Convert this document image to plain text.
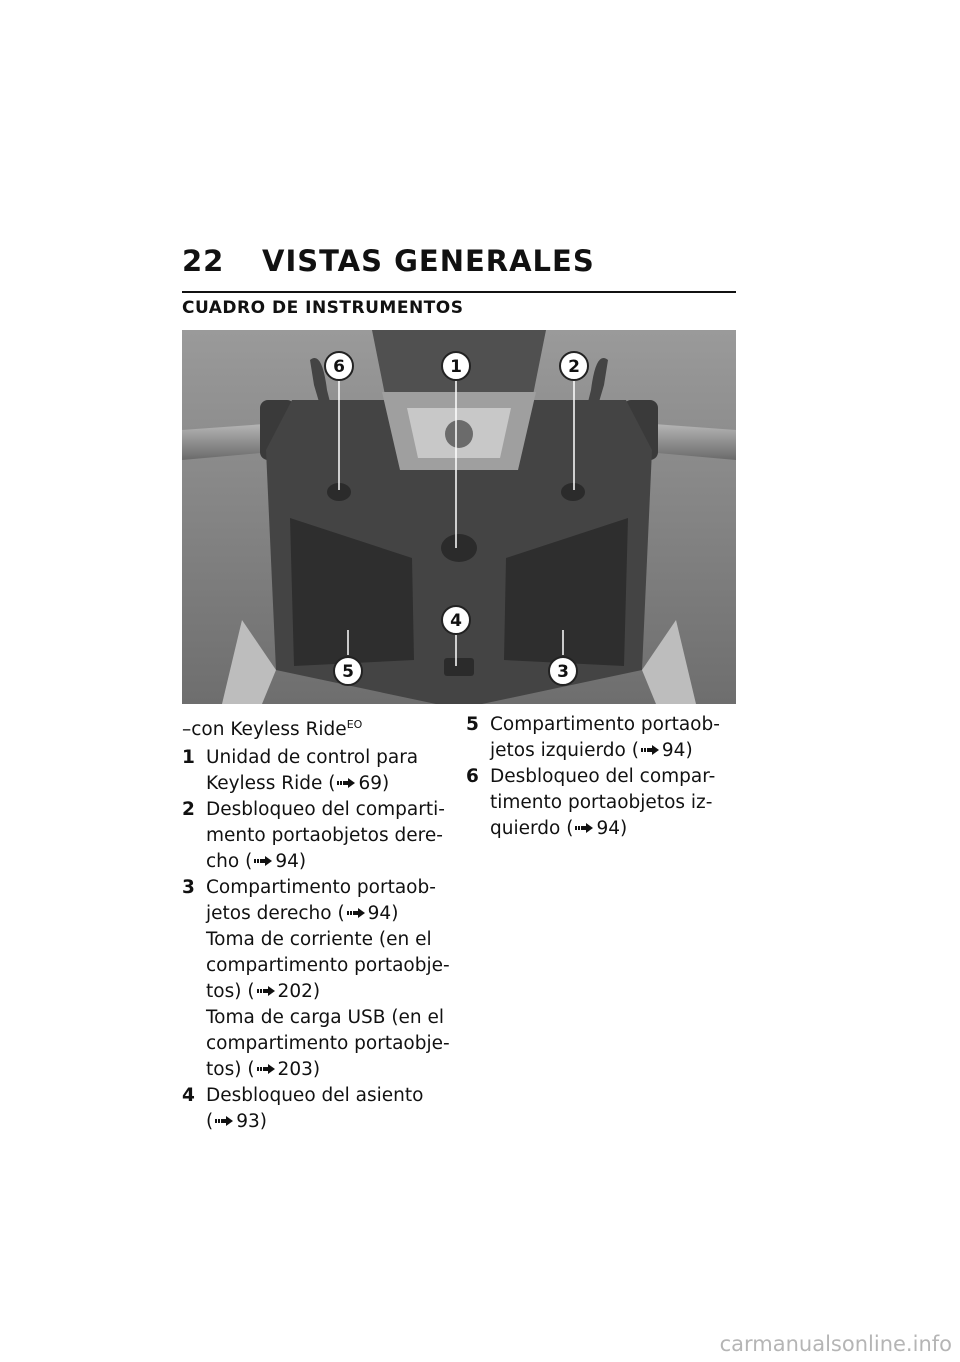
22 VISTAS GENERALES
CUADRO DE INSTRUMENTOS
6	1	2
4
5	3
–con Keyless Ride$^{EO}$
1 Unidad de control para
Keyless Ride ( 69)
2 Desbloqueo del comparti-
mento portaobjetos dere-
cho ( 94)
3 Compartimento portaob-
jetos derecho ( 94)
Toma de corriente (en el
compartimento portaobje-
tos) ( 202)
Toma de carga USB (en el
compartimento portaobje-
tos) ( 203)
4 Desbloqueo del asiento
( 93)
5 Compartimento portaob-
jetos izquierdo ( 94)
6 Desbloqueo del compar-
timento portaobjetos iz-
quierdo ( 94)
carmanualsonline.info
